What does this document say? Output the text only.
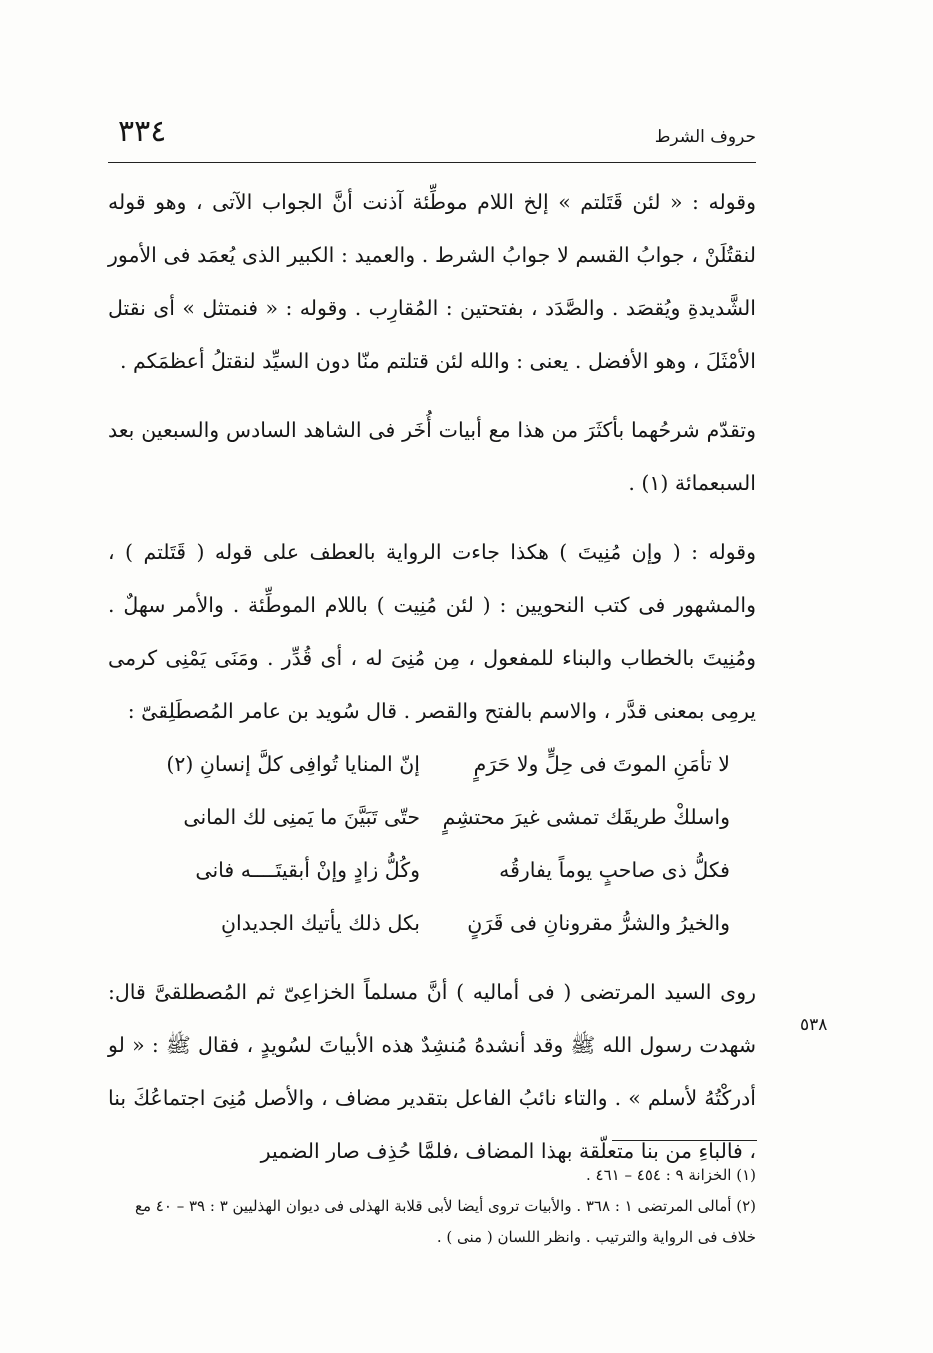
٣٣٤	حروف الشرط

وقوله : « لئن قَتَلتم » إلخ اللام موطِّئة آذنت أنَّ الجواب الآتى ، وهو قوله لنقتُلَنْ ، جوابُ القسم لا جوابُ الشرط . والعميد : الكبير الذى يُعمَد فى الأمور الشَّديدةِ ويُقصَد . والصَّدَد ، بفتحتين : المُقارِب . وقوله : « فنمتثل » أى نقتل الأمْثَلَ ، وهو الأفضل . يعنى : والله لئن قتلتم منّا دون السيِّد لنقتلُ أعظمَكم .

وتقدّم شرحُهما بأكثَرَ من هذا مع أبيات أُخَر فى الشاهد السادس والسبعين بعد السبعمائة (١) .

وقوله : ( وإن مُنِيتَ ) هكذا جاءت الرواية بالعطف على قوله ( قَتَلتم ) ، والمشهور فى كتب النحويين : ( لئن مُنِيت ) باللام الموطِّئة . والأمر سهلٌ . ومُنِيتَ بالخطاب والبناء للمفعول ، مِن مُنِىَ له ، أى قُدِّر . ومَنَى يَمْنِى كرمى يرمِى بمعنى قدَّر ، والاسم بالفتح والقصر . قال سُويد بن عامر المُصطَلِقىّ :

لا تأمَنِ الموتَ فى حِلٍّ ولا حَرَمٍ
إنّ المنايا تُوافِى كلَّ إنسانِ (٢)
واسلكْ طريقَك تمشى غيرَ محتشِمٍ
حتّى تَبَيَّنَ ما يَمنِى لك المانى
فكلُّ ذى صاحبٍ يوماً يفارقُه
وكُلُّ زادٍ وإنْ أبقيتَــــه فانى
والخيرُ والشرُّ مقرونانِ فى قَرَنٍ
بكل ذلك يأتيك الجديدانِ

روى السيد المرتضى ( فى أماليه ) أنَّ مسلماً الخزاعِىّ ثم المُصطلقىَّ قال: شهدت رسول الله ﷺ وقد أنشدهُ مُنشِدٌ هذه الأبياتَ لسُويدٍ ، فقال ﷺ : « لو أدركْتُهُ لأسلم » . والتاء نائبُ الفاعل بتقدير مضاف ، والأصل مُنِىَ اجتماعُكَ بنا ، فالباءِ من بنا متعلّقة بهذا المضاف ،فلمَّا حُذِف صار الضمير

٥٣٨

(١) الخزانة ٩ : ٤٥٤ – ٤٦١ .

(٢) أمالى المرتضى ١ : ٣٦٨ . والأبيات تروى أيضا لأبى قلابة الهذلى فى ديوان الهذليين ٣ : ٣٩ – ٤٠ مع خلاف فى الرواية والترتيب . وانظر اللسان ( منى ) .
